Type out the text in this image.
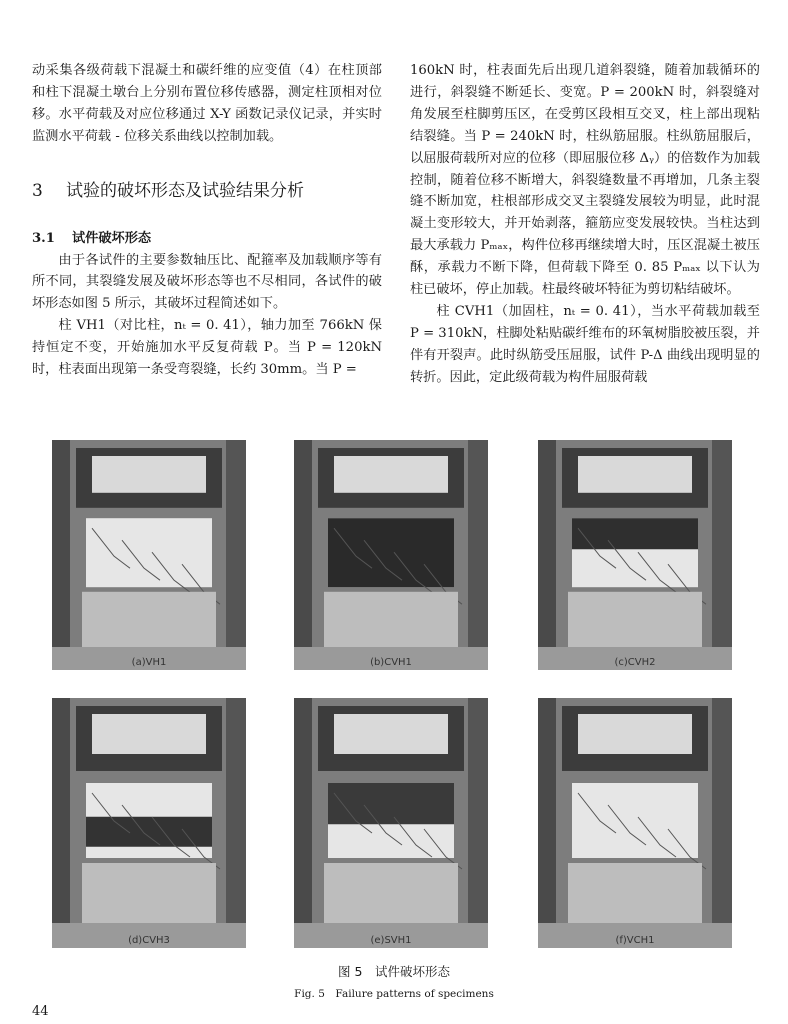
动采集各级荷载下混凝土和碳纤维的应变值（4）在柱顶部和柱下混凝土墩台上分别布置位移传感器，测定柱顶相对位移。水平荷载及对应位移通过 X-Y 函数记录仪记录，并实时监测水平荷载 - 位移关系曲线以控制加载。

3 试验的破坏形态及试验结果分析
3.1 试件破坏形态

由于各试件的主要参数轴压比、配箍率及加载顺序等有所不同，其裂缝发展及破坏形态等也不尽相同，各试件的破坏形态如图 5 所示，其破坏过程简述如下。

柱 VH1（对比柱，nₜ = 0. 41），轴力加至 766kN 保持恒定不变，开始施加水平反复荷载 P。当 P = 120kN 时，柱表面出现第一条受弯裂缝，长约 30mm。当 P =

160kN 时，柱表面先后出现几道斜裂缝，随着加载循环的进行，斜裂缝不断延长、变宽。P = 200kN 时，斜裂缝对角发展至柱脚剪压区，在受剪区段相互交叉，柱上部出现粘结裂缝。当 P = 240kN 时，柱纵筋屈服。柱纵筋屈服后，以屈服荷载所对应的位移（即屈服位移 Δᵧ）的倍数作为加载控制，随着位移不断增大，斜裂缝数量不再增加，几条主裂缝不断加宽，柱根部形成交叉主裂缝发展较为明显，此时混凝土变形较大，并开始剥落，箍筋应变发展较快。当柱达到最大承载力 Pₘₐₓ，构件位移再继续增大时，压区混凝土被压酥，承载力不断下降，但荷载下降至 0. 85 Pₘₐₓ 以下认为柱已破坏，停止加载。柱最终破坏特征为剪切粘结破坏。

柱 CVH1（加固柱，nₜ = 0. 41），当水平荷载加载至 P = 310kN，柱脚处粘贴碳纤维布的环氧树脂胶被压裂，并伴有开裂声。此时纵筋受压屈服，试件 P-Δ 曲线出现明显的转折。因此，定此级荷载为构件屈服荷载

(a)VH1	(b)CVH1	(c)CVH2
(d)CVH3	(e)SVH1	(f)VCH1
图 5　试件破坏形态
Fig. 5　Failure patterns of specimens
44
